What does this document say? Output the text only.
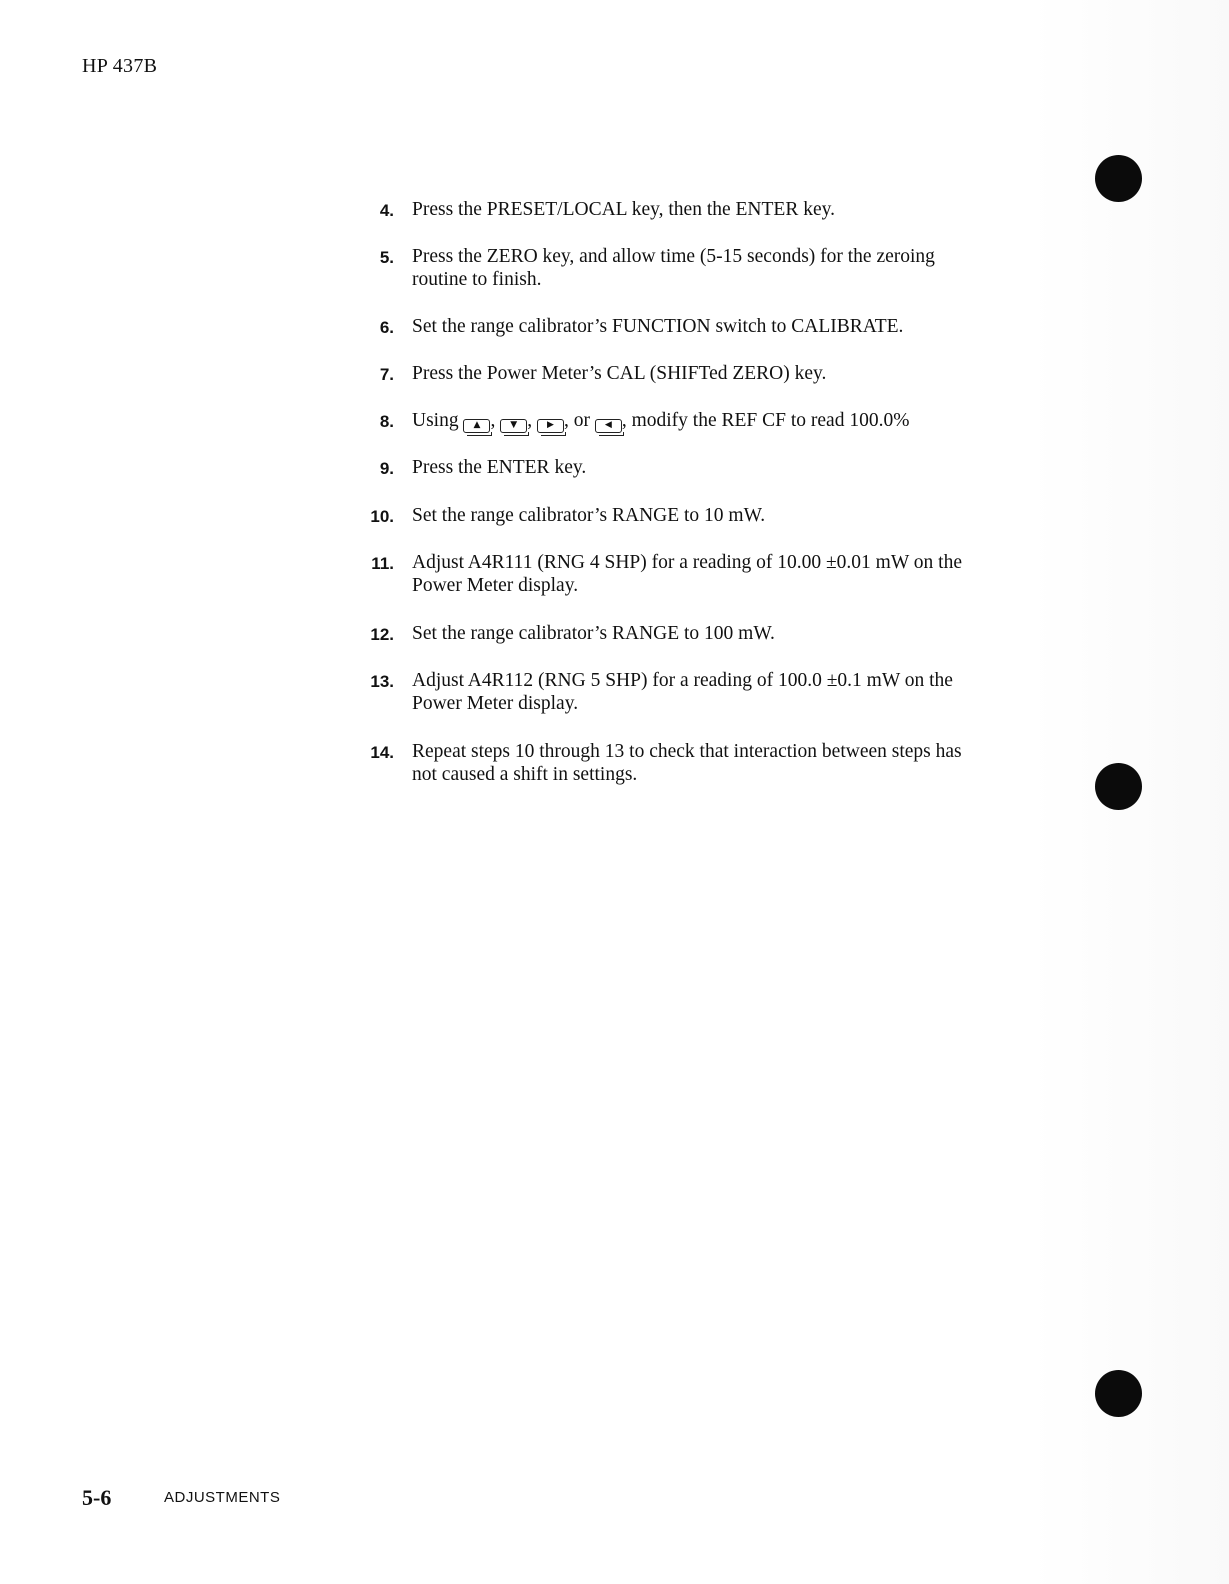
HP 437B
4. Press the PRESET/LOCAL key, then the ENTER key.
5. Press the ZERO key, and allow time (5-15 seconds) for the zeroing
routine to finish.
6. Set the range calibrator’s FUNCTION switch to CALIBRATE.
7. Press the Power Meter’s CAL (SHIFTed ZERO) key.
8. Using ▲ , ▼ , ▶ , or ◀ , modify the REF CF to read 100.0%
9. Press the ENTER key.
10. Set the range calibrator’s RANGE to 10 mW.
11. Adjust A4R111 (RNG 4 SHP) for a reading of 10.00 ±0.01 mW on the
Power Meter display.
12. Set the range calibrator’s RANGE to 100 mW.
13. Adjust A4R112 (RNG 5 SHP) for a reading of 100.0 ±0.1 mW on the
Power Meter display.
14. Repeat steps 10 through 13 to check that interaction between steps has
not caused a shift in settings.
5-6	ADJUSTMENTS
